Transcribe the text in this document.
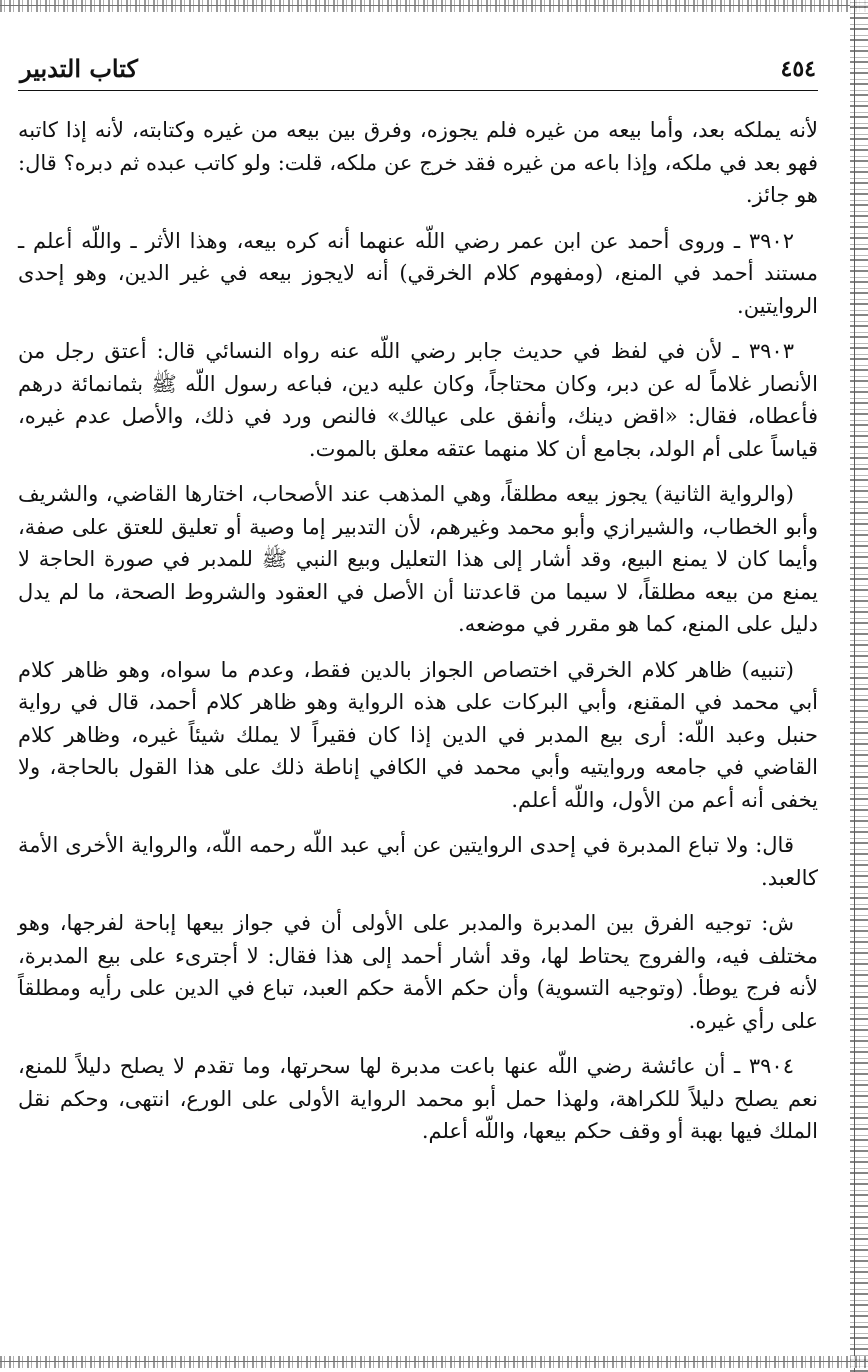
٤٥٤
كتاب التدبير

لأنه يملكه بعد، وأما بيعه من غيره فلم يجوزه، وفرق بين بيعه من غيره وكتابته، لأنه إذا كاتبه فهو بعد في ملكه، وإذا باعه من غيره فقد خرج عن ملكه، قلت: ولو كاتب عبده ثم دبره؟ قال: هو جائز.

٣٩٠٢ ـ وروى أحمد عن ابن عمر رضي اللّه عنهما أنه كره بيعه، وهذا الأثر ـ واللّه أعلم ـ مستند أحمد في المنع، (ومفهوم كلام الخرقي) أنه لايجوز بيعه في غير الدين، وهو إحدى الروايتين.

٣٩٠٣ ـ لأن في لفظ في حديث جابر رضي اللّه عنه رواه النسائي قال: أعتق رجل من الأنصار غلاماً له عن دبر، وكان محتاجاً، وكان عليه دين، فباعه رسول اللّه ﷺ بثمانمائة درهم فأعطاه، فقال: «اقض دينك، وأنفق على عيالك» فالنص ورد في ذلك، والأصل عدم غيره، قياساً على أم الولد، بجامع أن كلا منهما عتقه معلق بالموت.

(والرواية الثانية) يجوز بيعه مطلقاً، وهي المذهب عند الأصحاب، اختارها القاضي، والشريف وأبو الخطاب، والشيرازي وأبو محمد وغيرهم، لأن التدبير إما وصية أو تعليق للعتق على صفة، وأيما كان لا يمنع البيع، وقد أشار إلى هذا التعليل وبيع النبي ﷺ للمدبر في صورة الحاجة لا يمنع من بيعه مطلقاً، لا سيما من قاعدتنا أن الأصل في العقود والشروط الصحة، ما لم يدل دليل على المنع، كما هو مقرر في موضعه.

(تنبيه) ظاهر كلام الخرقي اختصاص الجواز بالدين فقط، وعدم ما سواه، وهو ظاهر كلام أبي محمد في المقنع، وأبي البركات على هذه الرواية وهو ظاهر كلام أحمد، قال في رواية حنبل وعبد اللّه: أرى بيع المدبر في الدين إذا كان فقيراً لا يملك شيئاً غيره، وظاهر كلام القاضي في جامعه وروايتيه وأبي محمد في الكافي إناطة ذلك على هذا القول بالحاجة، ولا يخفى أنه أعم من الأول، واللّه أعلم.

قال: ولا تباع المدبرة في إحدى الروايتين عن أبي عبد اللّه رحمه اللّه، والرواية الأخرى الأمة كالعبد.

ش: توجيه الفرق بين المدبرة والمدبر على الأولى أن في جواز بيعها إباحة لفرجها، وهو مختلف فيه، والفروج يحتاط لها، وقد أشار أحمد إلى هذا فقال: لا أجترىء على بيع المدبرة، لأنه فرج يوطأ. (وتوجيه التسوية) وأن حكم الأمة حكم العبد، تباع في الدين على رأيه ومطلقاً على رأي غيره.

٣٩٠٤ ـ أن عائشة رضي اللّه عنها باعت مدبرة لها سحرتها، وما تقدم لا يصلح دليلاً للمنع، نعم يصلح دليلاً للكراهة، ولهذا حمل أبو محمد الرواية الأولى على الورع، انتهى، وحكم نقل الملك فيها بهبة أو وقف حكم بيعها، واللّه أعلم.
